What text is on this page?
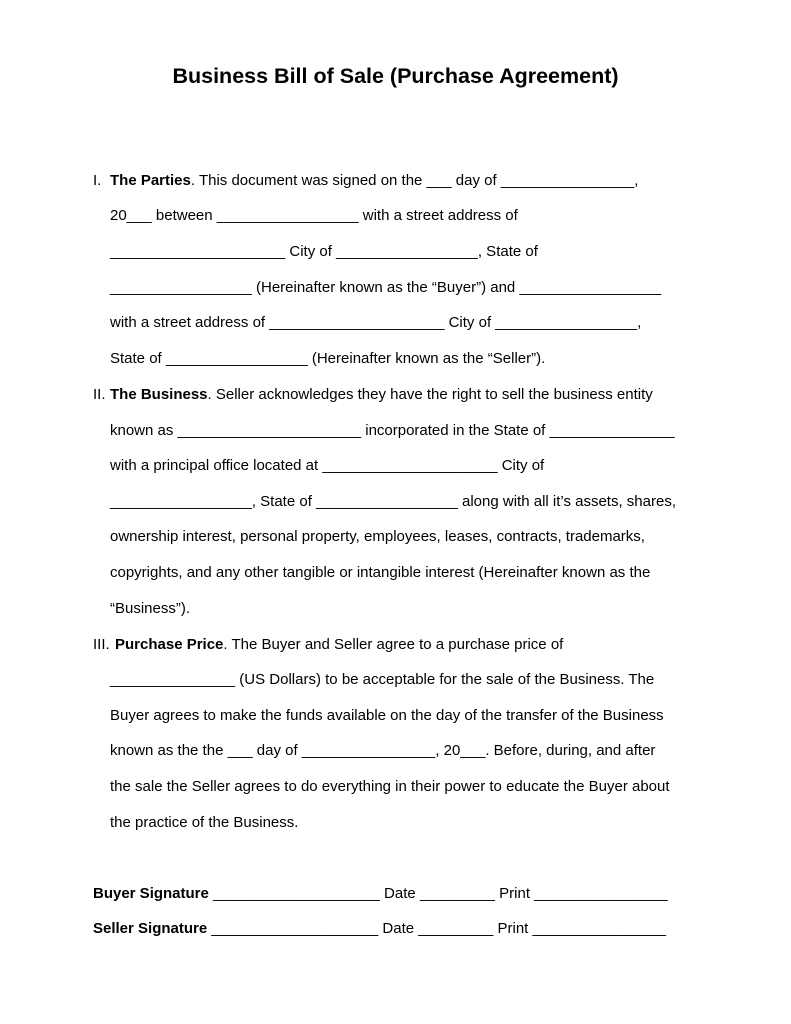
Business Bill of Sale (Purchase Agreement)
I. The Parties. This document was signed on the ___ day of ________________,
20___ between _________________ with a street address of
_____________________ City of _________________, State of
_________________ (Hereinafter known as the “Buyer”) and _________________
with a street address of _____________________ City of _________________,
State of _________________ (Hereinafter known as the “Seller”).
II. The Business. Seller acknowledges they have the right to sell the business entity
known as ______________________ incorporated in the State of _______________
with a principal office located at _____________________ City of
_________________, State of _________________ along with all it’s assets, shares,
ownership interest, personal property, employees, leases, contracts, trademarks,
copyrights, and any other tangible or intangible interest (Hereinafter known as the
“Business”).
III. Purchase Price. The Buyer and Seller agree to a purchase price of
_______________ (US Dollars) to be acceptable for the sale of the Business. The
Buyer agrees to make the funds available on the day of the transfer of the Business
known as the the ___ day of ________________, 20___. Before, during, and after
the sale the Seller agrees to do everything in their power to educate the Buyer about
the practice of the Business.
Buyer Signature ____________________ Date _________ Print ________________
Seller Signature ____________________ Date _________ Print ________________
